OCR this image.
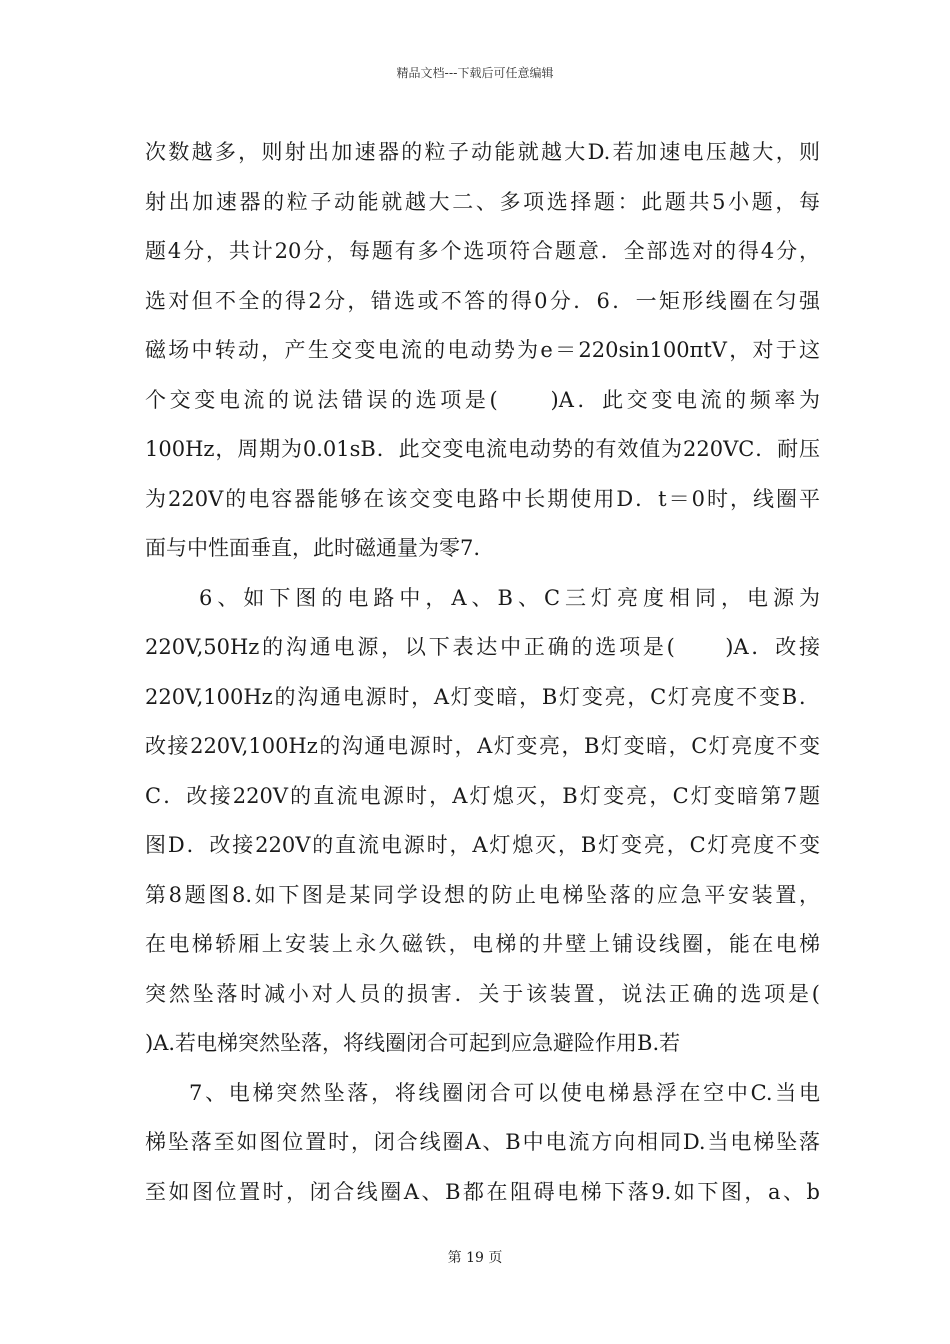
精品文档---下载后可任意编辑
次数越多，则射出加速器的粒子动能就越大D.若加速电压越大，则
射出加速器的粒子动能就越大二、多项选择题：此题共5小题，每
题4分，共计20分，每题有多个选项符合题意．全部选对的得4分，
选对但不全的得2分，错选或不答的得0分．6．一矩形线圈在匀强
磁场中转动，产生交变电流的电动势为e＝220sin100πtV，对于这
个交变电流的说法错误的选项是(　　)A．此交变电流的频率为
100Hz，周期为0.01sB．此交变电流电动势的有效值为220VC．耐压
为220V的电容器能够在该交变电路中长期使用D．t＝0时，线圈平
面与中性面垂直，此时磁通量为零7.
6、如下图的电路中，A、B、C三灯亮度相同，电源为
220V,50Hz的沟通电源，以下表达中正确的选项是(　　)A．改接
220V,100Hz的沟通电源时，A灯变暗，B灯变亮，C灯亮度不变B．
改接220V,100Hz的沟通电源时，A灯变亮，B灯变暗，C灯亮度不变
C．改接220V的直流电源时，A灯熄灭，B灯变亮，C灯变暗第7题
图D．改接220V的直流电源时，A灯熄灭，B灯变亮，C灯亮度不变
第8题图8.如下图是某同学设想的防止电梯坠落的应急平安装置，
在电梯轿厢上安装上永久磁铁，电梯的井壁上铺设线圈，能在电梯
突然坠落时减小对人员的损害．关于该装置，说法正确的选项是(
)A.若电梯突然坠落，将线圈闭合可起到应急避险作用B.若
7、电梯突然坠落，将线圈闭合可以使电梯悬浮在空中C.当电
梯坠落至如图位置时，闭合线圈A、B中电流方向相同D.当电梯坠落
至如图位置时，闭合线圈A、B都在阻碍电梯下落9.如下图，a、b
第 19 页
